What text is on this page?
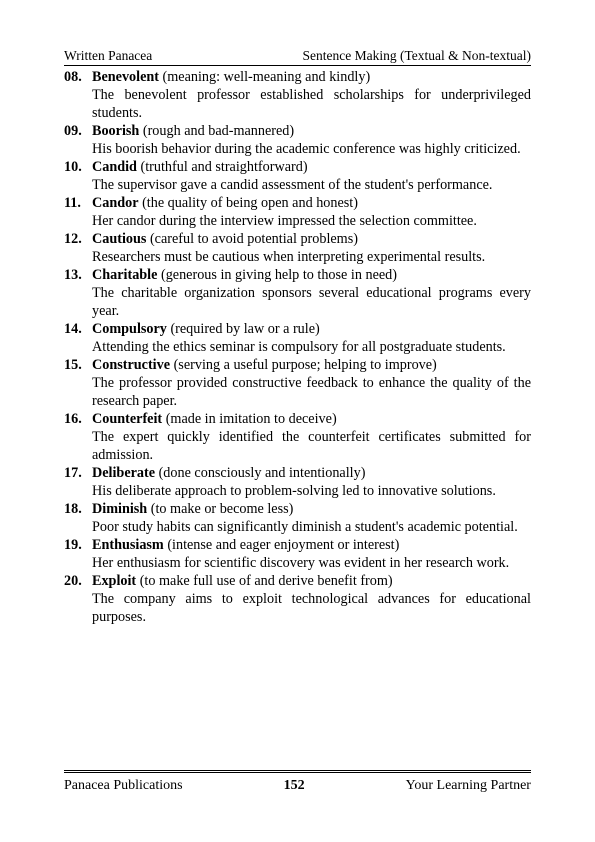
Written Panacea	Sentence Making (Textual & Non-textual)
08. Benevolent (meaning: well-meaning and kindly)
The benevolent professor established scholarships for underprivileged students.
09. Boorish (rough and bad-mannered)
His boorish behavior during the academic conference was highly criticized.
10. Candid (truthful and straightforward)
The supervisor gave a candid assessment of the student's performance.
11. Candor (the quality of being open and honest)
Her candor during the interview impressed the selection committee.
12. Cautious (careful to avoid potential problems)
Researchers must be cautious when interpreting experimental results.
13. Charitable (generous in giving help to those in need)
The charitable organization sponsors several educational programs every year.
14. Compulsory (required by law or a rule)
Attending the ethics seminar is compulsory for all postgraduate students.
15. Constructive (serving a useful purpose; helping to improve)
The professor provided constructive feedback to enhance the quality of the research paper.
16. Counterfeit (made in imitation to deceive)
The expert quickly identified the counterfeit certificates submitted for admission.
17. Deliberate (done consciously and intentionally)
His deliberate approach to problem-solving led to innovative solutions.
18. Diminish (to make or become less)
Poor study habits can significantly diminish a student's academic potential.
19. Enthusiasm (intense and eager enjoyment or interest)
Her enthusiasm for scientific discovery was evident in her research work.
20. Exploit (to make full use of and derive benefit from)
The company aims to exploit technological advances for educational purposes.
Panacea Publications	152	Your Learning Partner
